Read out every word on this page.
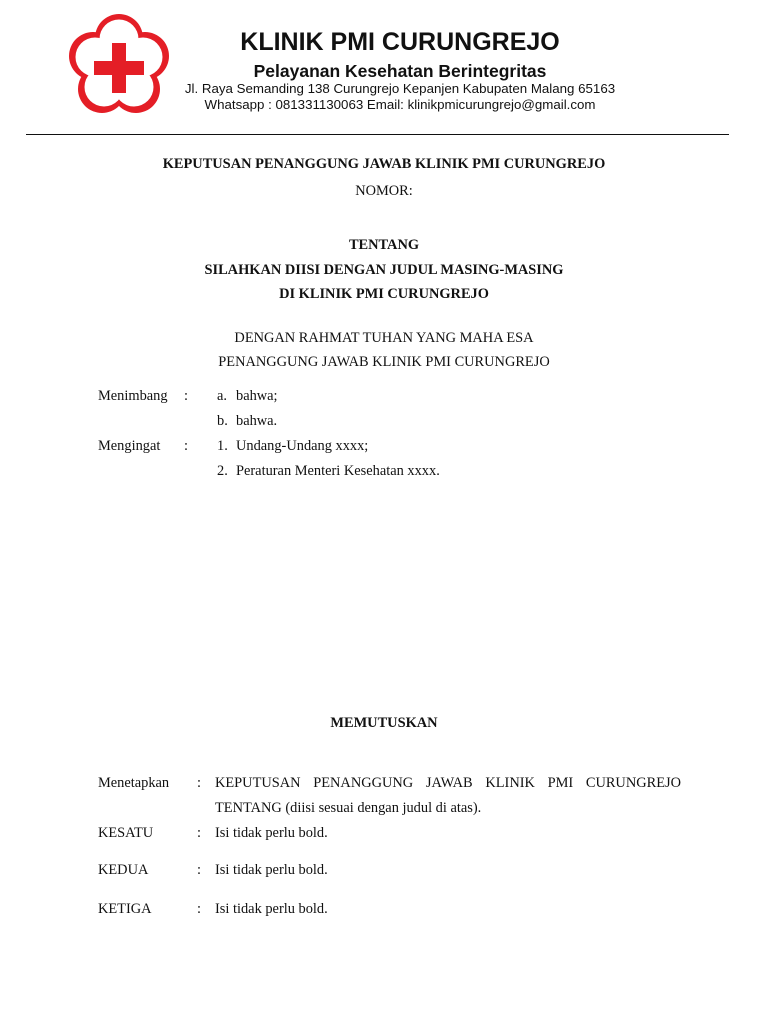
KLINIK PMI CURUNGREJO
Pelayanan Kesehatan Berintegritas
Jl. Raya Semanding 138 Curungrejo Kepanjen Kabupaten Malang 65163
Whatsapp : 081331130063 Email: klinikpmicurungrejo@gmail.com
KEPUTUSAN PENANGGUNG JAWAB KLINIK PMI CURUNGREJO
NOMOR:
TENTANG
SILAHKAN DIISI DENGAN JUDUL MASING-MASING
DI KLINIK PMI CURUNGREJO
DENGAN RAHMAT TUHAN YANG MAHA ESA
PENANGGUNG JAWAB KLINIK PMI CURUNGREJO
Menimbang : a. bahwa;
b. bahwa.
Mengingat : 1. Undang-Undang xxxx;
2. Peraturan Menteri Kesehatan xxxx.
MEMUTUSKAN
Menetapkan : KEPUTUSAN PENANGGUNG JAWAB KLINIK PMI CURUNGREJO
TENTANG (diisi sesuai dengan judul di atas).
KESATU	: Isi tidak perlu bold.
KEDUA	: Isi tidak perlu bold.
KETIGA	: Isi tidak perlu bold.
